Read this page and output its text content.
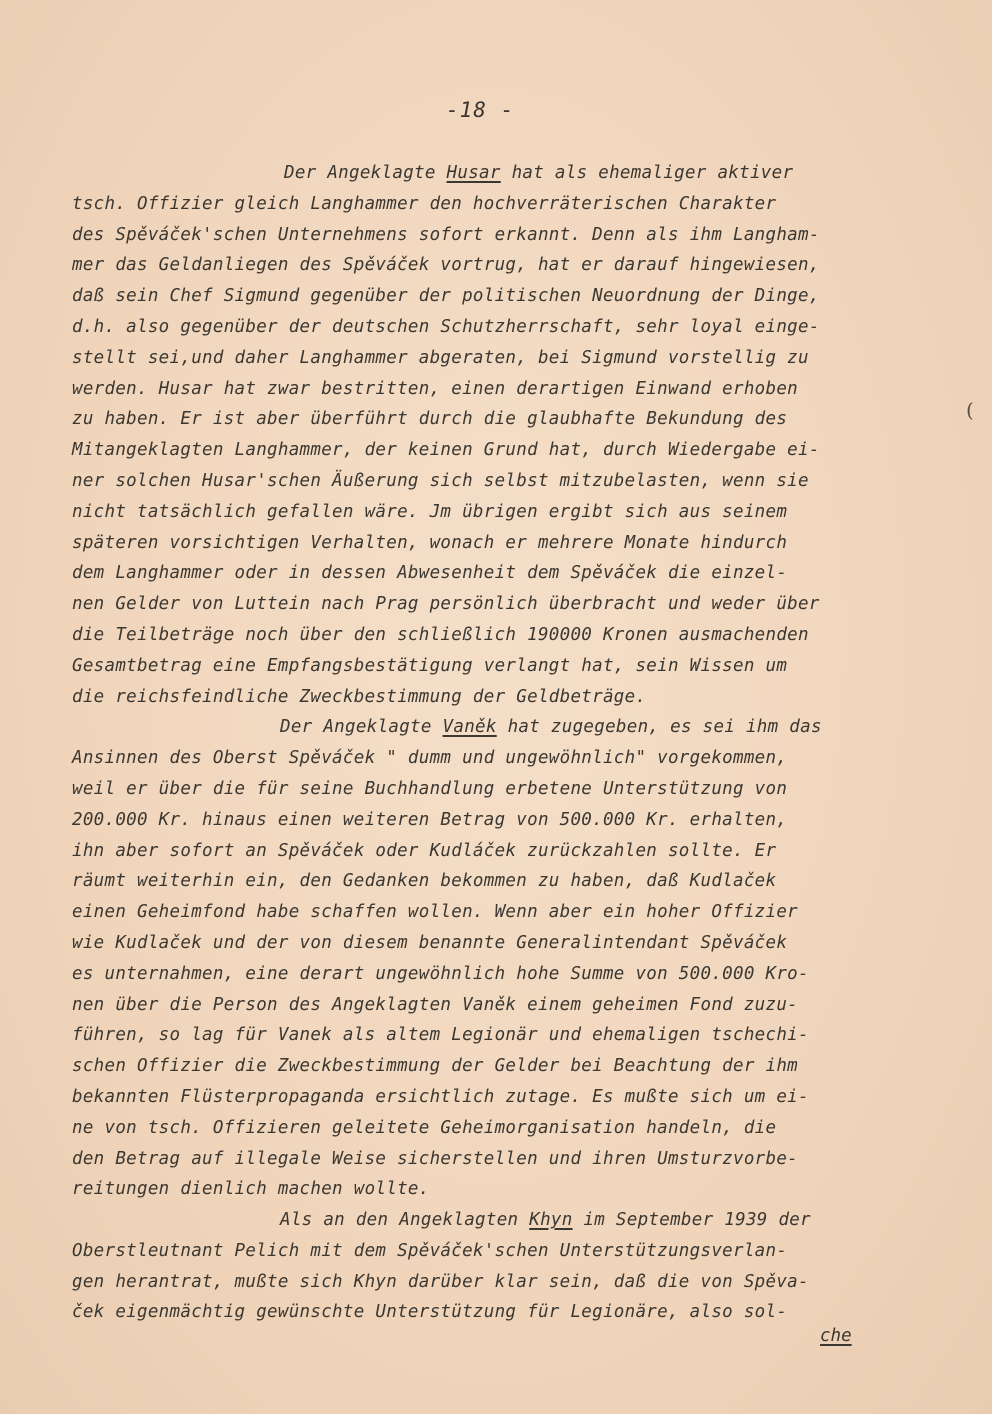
-18 -
(
Der Angeklagte Husar hat als ehemaliger aktiver
tsch. Offizier gleich Langhammer den hochverräterischen Charakter
des Spěváček'schen Unternehmens sofort erkannt. Denn als ihm Langham-
mer das Geldanliegen des Spěváček vortrug, hat er darauf hingewiesen,
daß sein Chef Sigmund gegenüber der politischen Neuordnung der Dinge,
d.h. also gegenüber der deutschen Schutzherrschaft, sehr loyal einge-
stellt sei,und daher Langhammer abgeraten, bei Sigmund vorstellig zu
werden. Husar hat zwar bestritten, einen derartigen Einwand erhoben
zu haben. Er ist aber überführt durch die glaubhafte Bekundung des
Mitangeklagten Langhammer, der keinen Grund hat, durch Wiedergabe ei-
ner solchen Husar'schen Äußerung sich selbst mitzubelasten, wenn sie
nicht tatsächlich gefallen wäre. Jm übrigen ergibt sich aus seinem
späteren vorsichtigen Verhalten, wonach er mehrere Monate hindurch
dem Langhammer oder in dessen Abwesenheit dem Spěváček die einzel-
nen Gelder von Luttein nach Prag persönlich überbracht und weder über
die Teilbeträge noch über den schließlich 190000 Kronen ausmachenden
Gesamtbetrag eine Empfangsbestätigung verlangt hat, sein Wissen um
die reichsfeindliche Zweckbestimmung der Geldbeträge.
Der Angeklagte Vaněk hat zugegeben, es sei ihm das
Ansinnen des Oberst Spěváček " dumm und ungewöhnlich" vorgekommen,
weil er über die für seine Buchhandlung erbetene Unterstützung von
200.000 Kr. hinaus einen weiteren Betrag von 500.000 Kr. erhalten,
ihn aber sofort an Spěváček oder Kudláček zurückzahlen sollte. Er
räumt weiterhin ein, den Gedanken bekommen zu haben, daß Kudlaček
einen Geheimfond habe schaffen wollen. Wenn aber ein hoher Offizier
wie Kudlaček und der von diesem benannte Generalintendant Spěváček
es unternahmen, eine derart ungewöhnlich hohe Summe von 500.000 Kro-
nen über die Person des Angeklagten Vaněk einem geheimen Fond zuzu-
führen, so lag für Vanek als altem Legionär und ehemaligen tschechi-
schen Offizier die Zweckbestimmung der Gelder bei Beachtung der ihm
bekannten Flüsterpropaganda ersichtlich zutage. Es mußte sich um ei-
ne von tsch. Offizieren geleitete Geheimorganisation handeln, die
den Betrag auf illegale Weise sicherstellen und ihren Umsturzvorbe-
reitungen dienlich machen wollte.
Als an den Angeklagten Khyn im September 1939 der
Oberstleutnant Pelich mit dem Spěváček'schen Unterstützungsverlan-
gen herantrat, mußte sich Khyn darüber klar sein, daß die von Spěva-
ček eigenmächtig gewünschte Unterstützung für Legionäre, also sol-
che
